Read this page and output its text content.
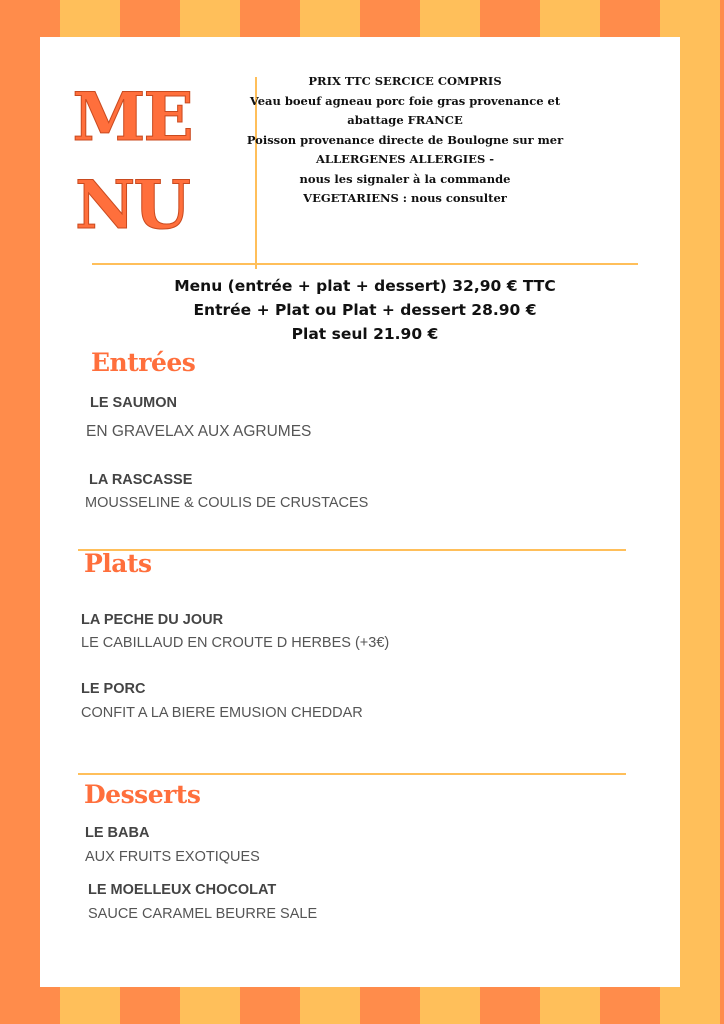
ME
NU
PRIX TTC SERCICE COMPRIS
Veau boeuf agneau porc foie gras provenance et
abattage FRANCE
Poisson provenance directe de Boulogne sur mer
ALLERGENES ALLERGIES -
nous les signaler à la commande
VEGETARIENS : nous consulter
Menu (entrée + plat + dessert) 32,90 € TTC
Entrée + Plat ou Plat + dessert 28.90 €
Plat seul 21.90 €
Entrées
LE SAUMON
EN GRAVELAX AUX AGRUMES
LA RASCASSE
MOUSSELINE & COULIS DE CRUSTACES
Plats
LA PECHE DU JOUR
LE CABILLAUD EN CROUTE D HERBES (+3€)
LE PORC
CONFIT A LA BIERE EMUSION CHEDDAR
Desserts
LE BABA
AUX FRUITS EXOTIQUES
LE MOELLEUX CHOCOLAT
SAUCE CARAMEL BEURRE SALE
